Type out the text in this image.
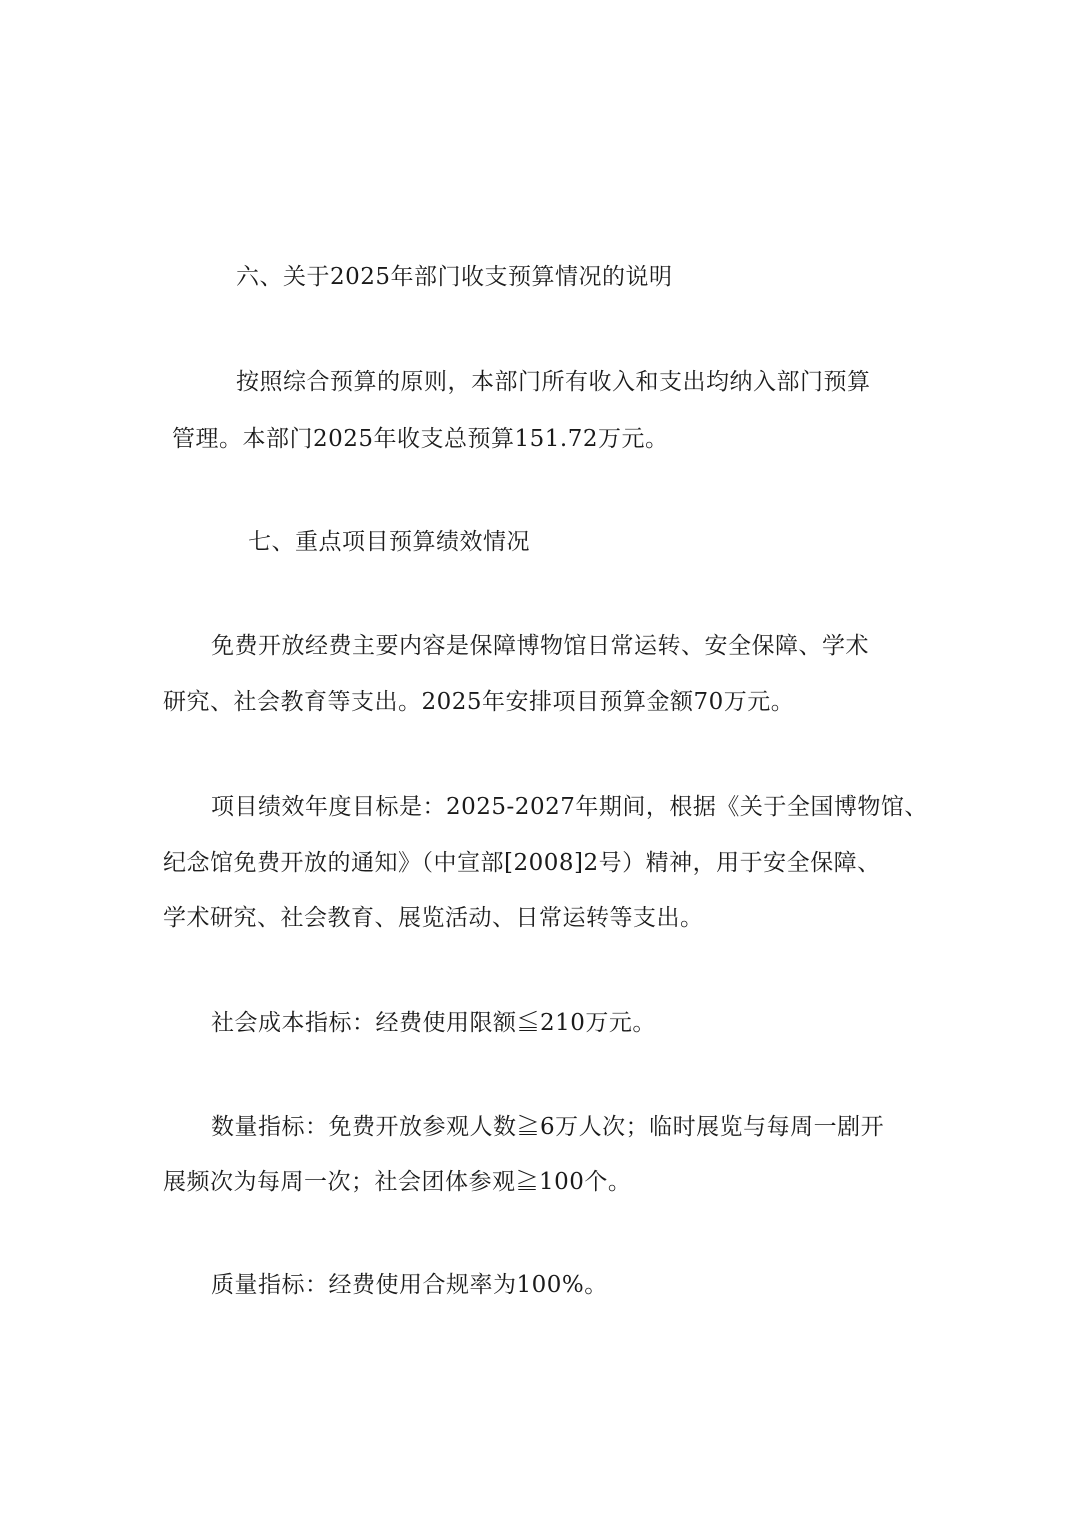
六、关于2025年部门收支预算情况的说明
按照综合预算的原则，本部门所有收入和支出均纳入部门预算
管理。本部门2025年收支总预算151.72万元。
七、重点项目预算绩效情况
免费开放经费主要内容是保障博物馆日常运转、安全保障、学术
研究、社会教育等支出。2025年安排项目预算金额70万元。
项目绩效年度目标是：2025-2027年期间，根据《关于全国博物馆、
纪念馆免费开放的通知》（中宣部[2008]2号）精神，用于安全保障、
学术研究、社会教育、展览活动、日常运转等支出。
社会成本指标：经费使用限额≦210万元。
数量指标：免费开放参观人数≧6万人次；临时展览与每周一剧开
展频次为每周一次；社会团体参观≧100个。
质量指标：经费使用合规率为100%。
